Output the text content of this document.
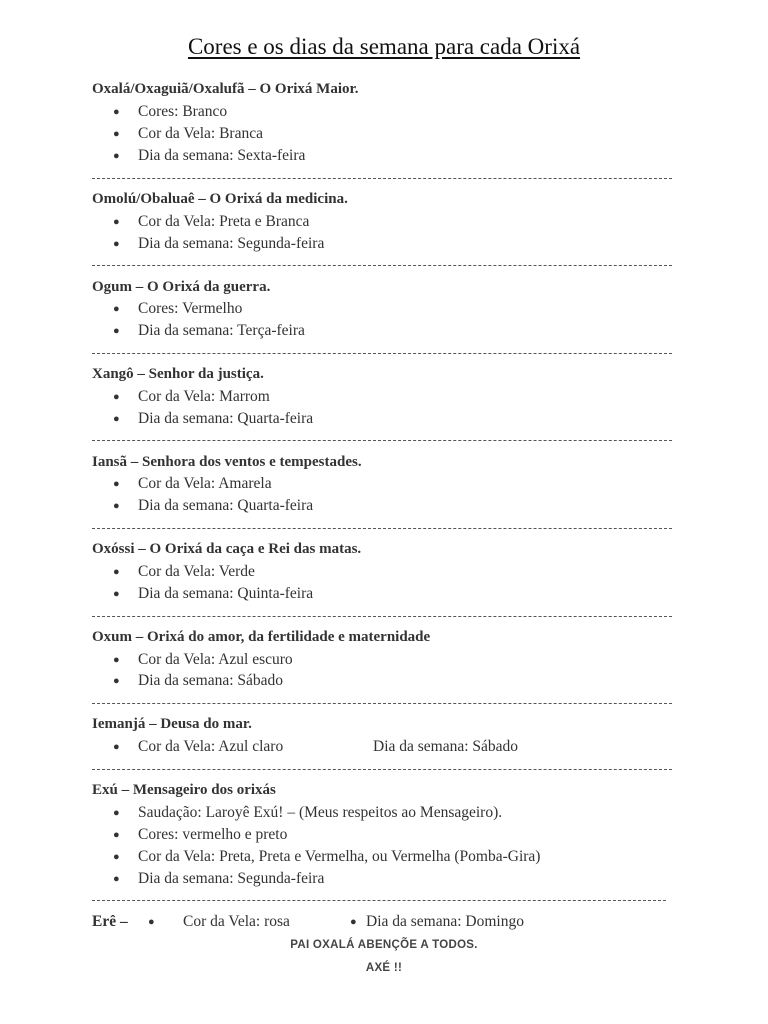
Cores e os dias da semana para cada Orixá
Oxalá/Oxaguiã/Oxalufã – O Orixá Maior.
● Cores: Branco
● Cor da Vela: Branca
● Dia da semana: Sexta-feira
Omolú/Obaluaê – O Orixá da medicina.
● Cor da Vela: Preta e Branca
● Dia da semana: Segunda-feira
Ogum – O Orixá da guerra.
● Cores: Vermelho
● Dia da semana: Terça-feira
Xangô – Senhor da justiça.
● Cor da Vela: Marrom
● Dia da semana: Quarta-feira
Iansã – Senhora dos ventos e tempestades.
● Cor da Vela: Amarela
● Dia da semana: Quarta-feira
Oxóssi – O Orixá da caça e Rei das matas.
● Cor da Vela: Verde
● Dia da semana: Quinta-feira
Oxum – Orixá do amor, da fertilidade e maternidade
● Cor da Vela: Azul escuro
● Dia da semana: Sábado
Iemanjá – Deusa do mar.
● Cor da Vela: Azul claro	Dia da semana: Sábado
Exú – Mensageiro dos orixás
● Saudação: Laroyê Exú! – (Meus respeitos ao Mensageiro).
● Cores: vermelho e preto
● Cor da Vela: Preta, Preta e Vermelha, ou Vermelha (Pomba-Gira)
● Dia da semana: Segunda-feira
Erê – ● Cor da Vela: rosa	● Dia da semana: Domingo
PAI OXALÁ ABENÇÕE A TODOS.
AXÉ !!
